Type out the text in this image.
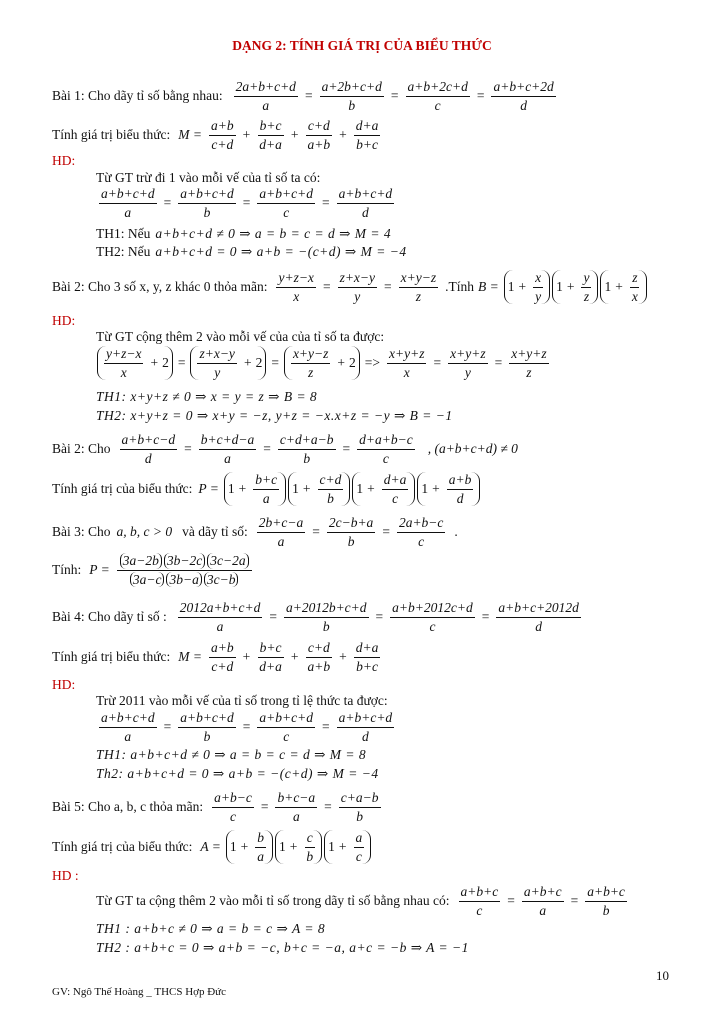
DẠNG 2: TÍNH GIÁ TRỊ CỦA BIỂU THỨC
Bài 1: Cho dãy tỉ số bằng nhau: $\frac{2a+b+c+d}{a} = \frac{a+2b+c+d}{b} = \frac{a+b+2c+d}{c} = \frac{a+b+c+2d}{d}$
Tính giá trị biểu thức: $M = \frac{a+b}{c+d} + \frac{b+c}{d+a} + \frac{c+d}{a+b} + \frac{d+a}{b+c}$
HD:
Từ GT trừ đi 1 vào mỗi vế của tỉ số ta có:
$\frac{a+b+c+d}{a} = \frac{a+b+c+d}{b} = \frac{a+b+c+d}{c} = \frac{a+b+c+d}{d}$
TH1: Nếu a+b+c+d ≠ 0 ⇒ a = b = c = d ⇒ M = 4
TH2: Nếu a+b+c+d = 0 ⇒ a+b = −(c+d) ⇒ M = −4
Bài 2: Cho 3 số x, y, z khác 0 thỏa mãn: $\frac{y+z-x}{x} = \frac{z+x-y}{y} = \frac{x+y-z}{z}$ .Tính $B = 1 + \frac{x}{y} 1 + \frac{y}{z} 1 + \frac{z}{x}$
HD:
Từ GT cộng thêm 2 vào mỗi vế của của tỉ số ta được:
$\frac{y+z-x}{x} + 2 = \frac{z+x-y}{y} + 2 = \frac{x+y-z}{z} + 2 => \frac{x+y+z}{x} = \frac{x+y+z}{y} = \frac{x+y+z}{z}$
TH1: x+y+z ≠ 0 ⇒ x = y = z ⇒ B = 8
TH2: x+y+z = 0 ⇒ x+y = −z, y+z = −x.x+z = −y ⇒ B = −1
Bài 2: Cho $\frac{a+b+c-d}{d} = \frac{b+c+d-a}{a} = \frac{c+d+a-b}{b} = \frac{d+a+b-c}{c}$ , (a+b+c+d) ≠ 0
Tính giá trị của biểu thức: $P = 1 + \frac{b+c}{a} 1 + \frac{c+d}{b} 1 + \frac{d+a}{c} 1 + \frac{a+b}{d}$
Bài 3: Cho a, b, c > 0 và dãy tỉ số: $\frac{2b+c-a}{a} = \frac{2c-b+a}{b} = \frac{2a+b-c}{c}$ .
Tính: $P = \frac{3a-2b 3b-2c 3c-2a}{3a-c 3b-a 3c-b}$
Bài 4: Cho dãy tỉ số : $\frac{2012a+b+c+d}{a} = \frac{a+2012b+c+d}{b} = \frac{a+b+2012c+d}{c} = \frac{a+b+c+2012d}{d}$
Tính giá trị biểu thức: $M = \frac{a+b}{c+d} + \frac{b+c}{d+a} + \frac{c+d}{a+b} + \frac{d+a}{b+c}$
HD:
Trừ 2011 vào mỗi vế của tỉ số trong tỉ lệ thức ta được:
$\frac{a+b+c+d}{a} = \frac{a+b+c+d}{b} = \frac{a+b+c+d}{c} = \frac{a+b+c+d}{d}$
TH1: a+b+c+d ≠ 0 ⇒ a = b = c = d ⇒ M = 8
Th2: a+b+c+d = 0 ⇒ a+b = −(c+d) ⇒ M = −4
Bài 5: Cho a, b, c thỏa mãn: $\frac{a+b-c}{c} = \frac{b+c-a}{a} = \frac{c+a-b}{b}$
Tính giá trị của biểu thức: $A = 1 + \frac{b}{a} 1 + \frac{c}{b} 1 + \frac{a}{c}$
HD :
Từ GT ta cộng thêm 2 vào mỗi tỉ số trong dãy tỉ số bằng nhau có: $\frac{a+b+c}{c} = \frac{a+b+c}{a} = \frac{a+b+c}{b}$
TH1 : a+b+c ≠ 0 ⇒ a = b = c ⇒ A = 8
TH2 : a+b+c = 0 ⇒ a+b = −c, b+c = −a, a+c = −b ⇒ A = −1
10
GV: Ngô Thế Hoàng _ THCS Hợp Đức
